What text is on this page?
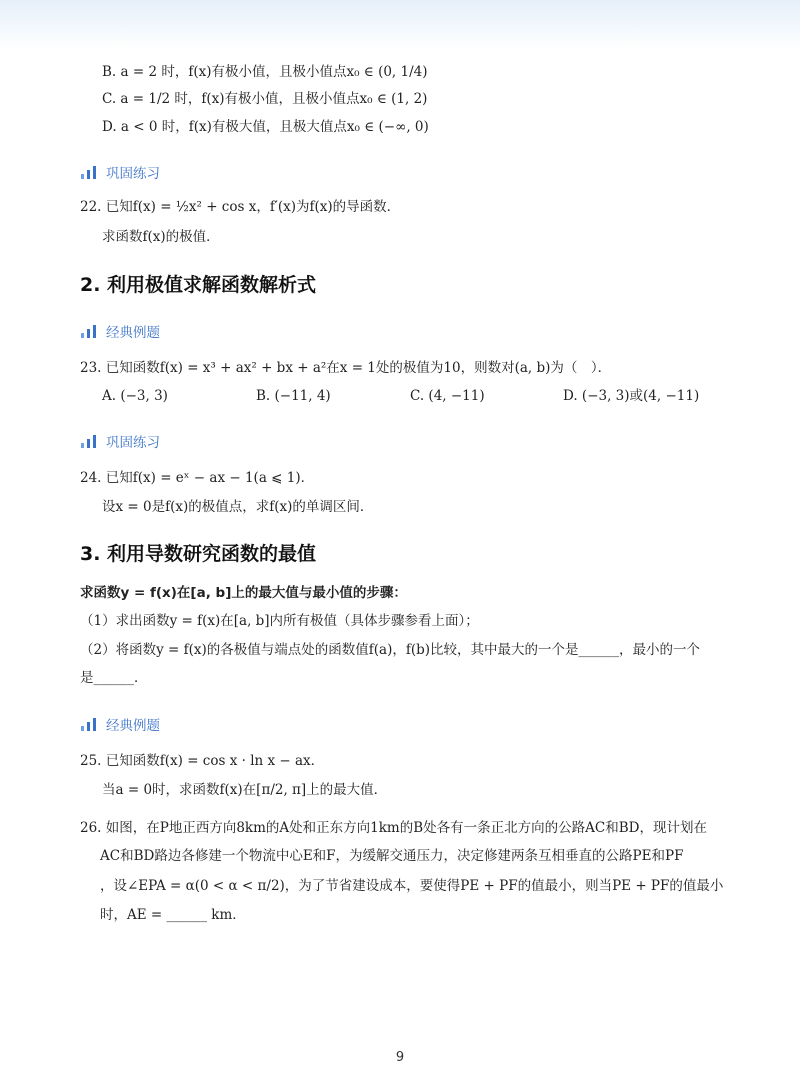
B. a = 2 时，f(x)有极小值，且极小值点x₀ ∈ (0, 1/4)
C. a = 1/2 时，f(x)有极小值，且极小值点x₀ ∈ (1, 2)
D. a < 0 时，f(x)有极大值，且极大值点x₀ ∈ (−∞, 0)
巩固练习
22. 已知f(x) = ½x² + cos x，f′(x)为f(x)的导函数．
求函数f(x)的极值．
2. 利用极值求解函数解析式
经典例题
23. 已知函数f(x) = x³ + ax² + bx + a²在x = 1处的极值为10，则数对(a, b)为（　）．
A. (−3, 3)	B. (−11, 4)	C. (4, −11)	D. (−3, 3)或(4, −11)
巩固练习
24. 已知f(x) = eˣ − ax − 1(a ⩽ 1)．
设x = 0是f(x)的极值点，求f(x)的单调区间．
3. 利用导数研究函数的最值
求函数y = f(x)在[a, b]上的最大值与最小值的步骤：
（1）求出函数y = f(x)在[a, b]内所有极值（具体步骤参看上面）；
（2）将函数y = f(x)的各极值与端点处的函数值f(a)，f(b)比较，其中最大的一个是______，最小的一个
是______．
经典例题
25. 已知函数f(x) = cos x · ln x − ax．
当a = 0时，求函数f(x)在[π/2, π]上的最大值．
26. 如图，在P地正西方向8km的A处和正东方向1km的B处各有一条正北方向的公路AC和BD，现计划在
AC和BD路边各修建一个物流中心E和F，为缓解交通压力，决定修建两条互相垂直的公路PE和PF
，设∠EPA = α(0 < α < π/2)，为了节省建设成本，要使得PE + PF的值最小，则当PE + PF的值最小
时，AE = ______ km．
9
